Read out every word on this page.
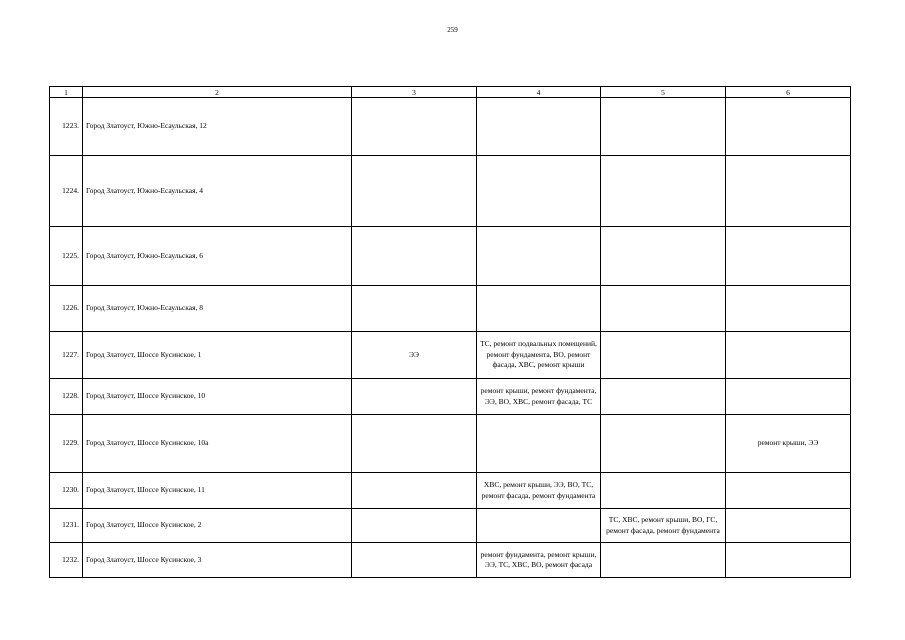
259
1	2	3	4	5	6
1223.	Город Златоуст, Южно-Есаульская, 12				
1224.	Город Златоуст, Южно-Есаульская, 4				
1225.	Город Златоуст, Южно-Есаульская, 6				
1226.	Город Златоуст, Южно-Есаульская, 8				
1227.	Город Златоуст, Шоссе Кусинское, 1	ЭЭ	ТС, ремонт подвальных помещений, ремонт фундамента, ВО, ремонт фасада, ХВС, ремонт крыши		
1228.	Город Златоуст, Шоссе Кусинское, 10		ремонт крыши, ремонт фундамента, ЭЭ, ВО, ХВС, ремонт фасада, ТС		
1229.	Город Златоуст, Шоссе Кусинское, 10а				ремонт крыши, ЭЭ
1230.	Город Златоуст, Шоссе Кусинское, 11		ХВС, ремонт крыши, ЭЭ, ВО, ТС, ремонт фасада, ремонт фундамента		
1231.	Город Златоуст, Шоссе Кусинское, 2			ТС, ХВС, ремонт крыши, ВО, ГС, ремонт фасада, ремонт фундамента	
1232.	Город Златоуст, Шоссе Кусинское, 3		ремонт фундамента, ремонт крыши, ЭЭ, ТС, ХВС, ВО, ремонт фасада		
